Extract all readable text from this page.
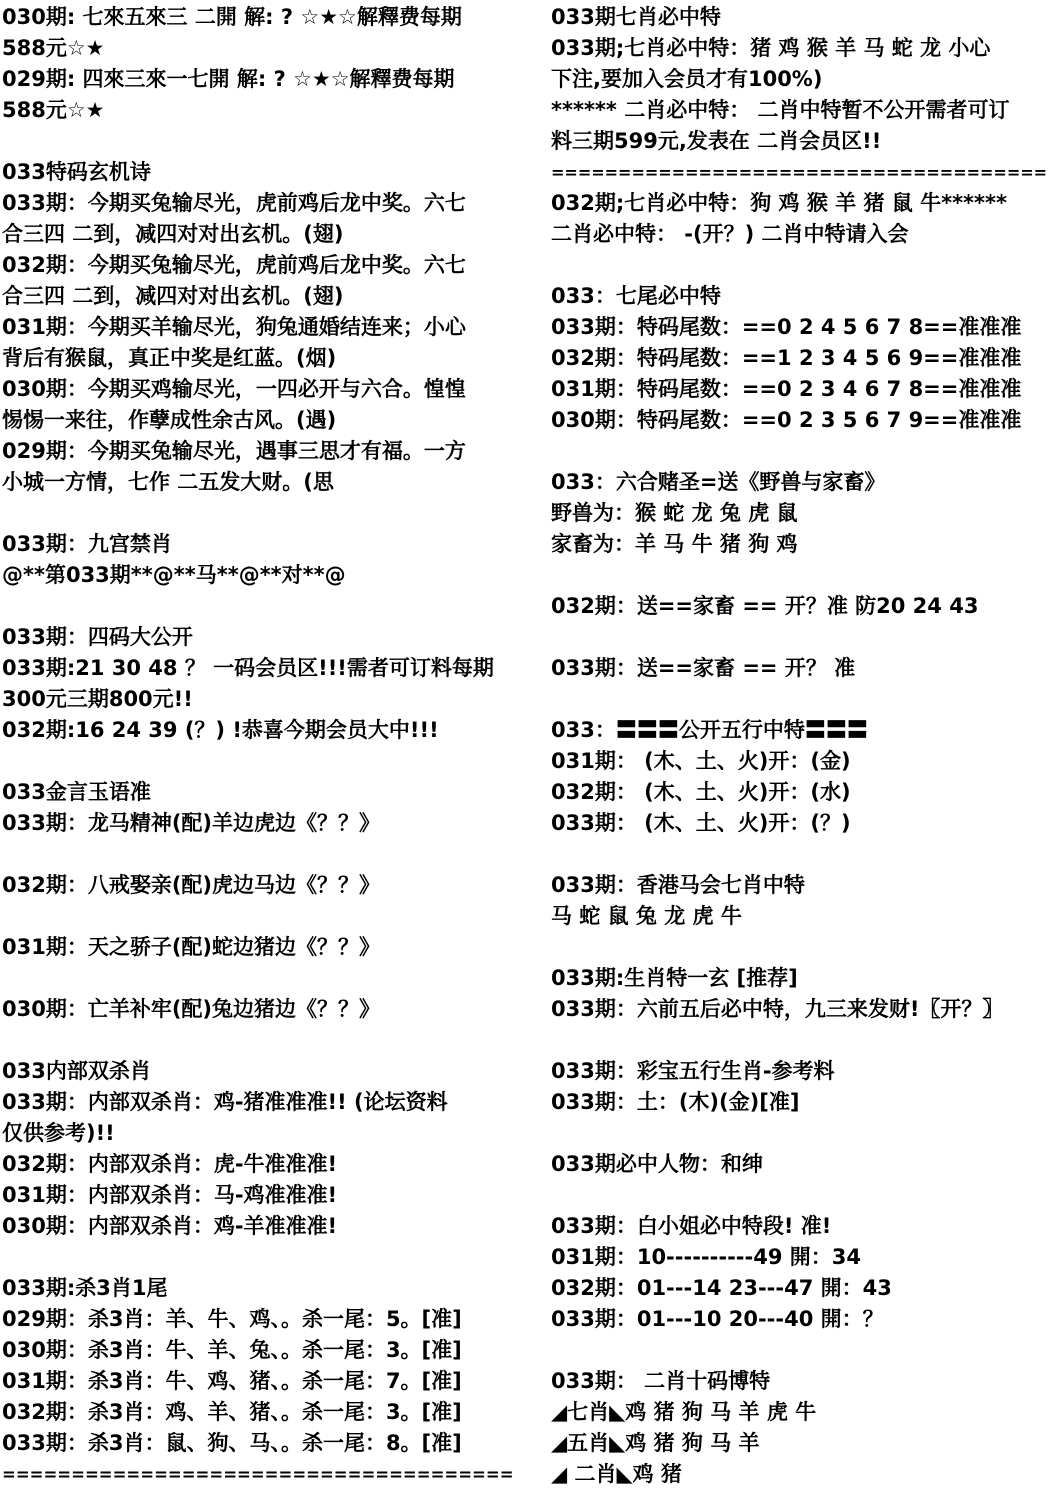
030期: 七來五來三 二開 解: ? ☆★☆解釋费每期
588元☆★
029期: 四來三來一七開 解: ? ☆★☆解釋费每期
588元☆★
033特码玄机诗
033期：今期买兔输尽光，虎前鸡后龙中奖。六七
合三四 二到，减四对对出玄机。(翅)
032期：今期买兔输尽光，虎前鸡后龙中奖。六七
合三四 二到，减四对对出玄机。(翅)
031期：今期买羊输尽光，狗兔通婚结连来；小心
背后有猴鼠，真正中奖是红蓝。(烟)
030期：今期买鸡输尽光，一四必开与六合。惶惶
惕惕一来往，作孽成性余古风。(遇)
029期：今期买兔输尽光，遇事三思才有福。一方
小城一方情，七作 二五发大财。(思
033期：九宫禁肖
@**第033期**@**马**@**对**@
033期：四码大公开
033期:21 30 48 ？ 一码会员区!!!需者可订料每期
300元三期800元!!
032期:16 24 39 (？) !恭喜今期会员大中!!!
033金言玉语准
033期：龙马精神(配)羊边虎边《？？》
032期：八戒娶亲(配)虎边马边《？？》
031期：天之骄子(配)蛇边猪边《？？》
030期：亡羊补牢(配)兔边猪边《？？》
033内部双杀肖
033期：内部双杀肖：鸡-猪准准准!! (论坛资料
仅供参考)!!
032期：内部双杀肖：虎-牛准准准!
031期：内部双杀肖：马-鸡准准准!
030期：内部双杀肖：鸡-羊准准准!
033期:杀3肖1尾
029期：杀3肖：羊、牛、鸡、。杀一尾：5。[准]
030期：杀3肖：牛、羊、兔、。杀一尾：3。[准]
031期：杀3肖：牛、鸡、猪、。杀一尾：7。[准]
032期：杀3肖：鸡、羊、猪、。杀一尾：3。[准]
033期：杀3肖：鼠、狗、马、。杀一尾：8。[准]
=====================================
033期七肖必中特
033期;七肖必中特：猪 鸡 猴 羊 马 蛇 龙 小心
下注,要加入会员才有100%)
****** 二肖必中特： 二肖中特暂不公开需者可订
料三期599元,发表在 二肖会员区!!
=====================================
032期;七肖必中特：狗 鸡 猴 羊 猪 鼠 牛******
二肖必中特： -(开？) 二肖中特请入会
033：七尾必中特
033期：特码尾数：==0 2 4 5 6 7 8==准准准
032期：特码尾数：==1 2 3 4 5 6 9==准准准
031期：特码尾数：==0 2 3 4 6 7 8==准准准
030期：特码尾数：==0 2 3 5 6 7 9==准准准
033：六合赌圣=送《野兽与家畜》
野兽为：猴 蛇 龙 兔 虎 鼠
家畜为：羊 马 牛 猪 狗 鸡
032期：送==家畜 == 开？准 防20 24 43
033期：送==家畜 == 开？ 准
033：〓〓〓公开五行中特〓〓〓
031期： (木、土、火)开：(金)
032期： (木、土、火)开：(水)
033期： (木、土、火)开：(？)
033期：香港马会七肖中特
马 蛇 鼠 兔 龙 虎 牛
033期:生肖特一玄 [推荐]
033期：六前五后必中特，九三来发财!〖开？〗
033期：彩宝五行生肖-参考料
033期：土：(木)(金)[准]
033期必中人物：和绅
033期：白小姐必中特段! 准!
031期：10----------49 開：34
032期：01---14 23---47 開：43
033期：01---10 20---40 開：？
033期： 二肖十码博特
◢七肖◣鸡 猪 狗 马 羊 虎 牛
◢五肖◣鸡 猪 狗 马 羊
◢ 二肖◣鸡 猪
